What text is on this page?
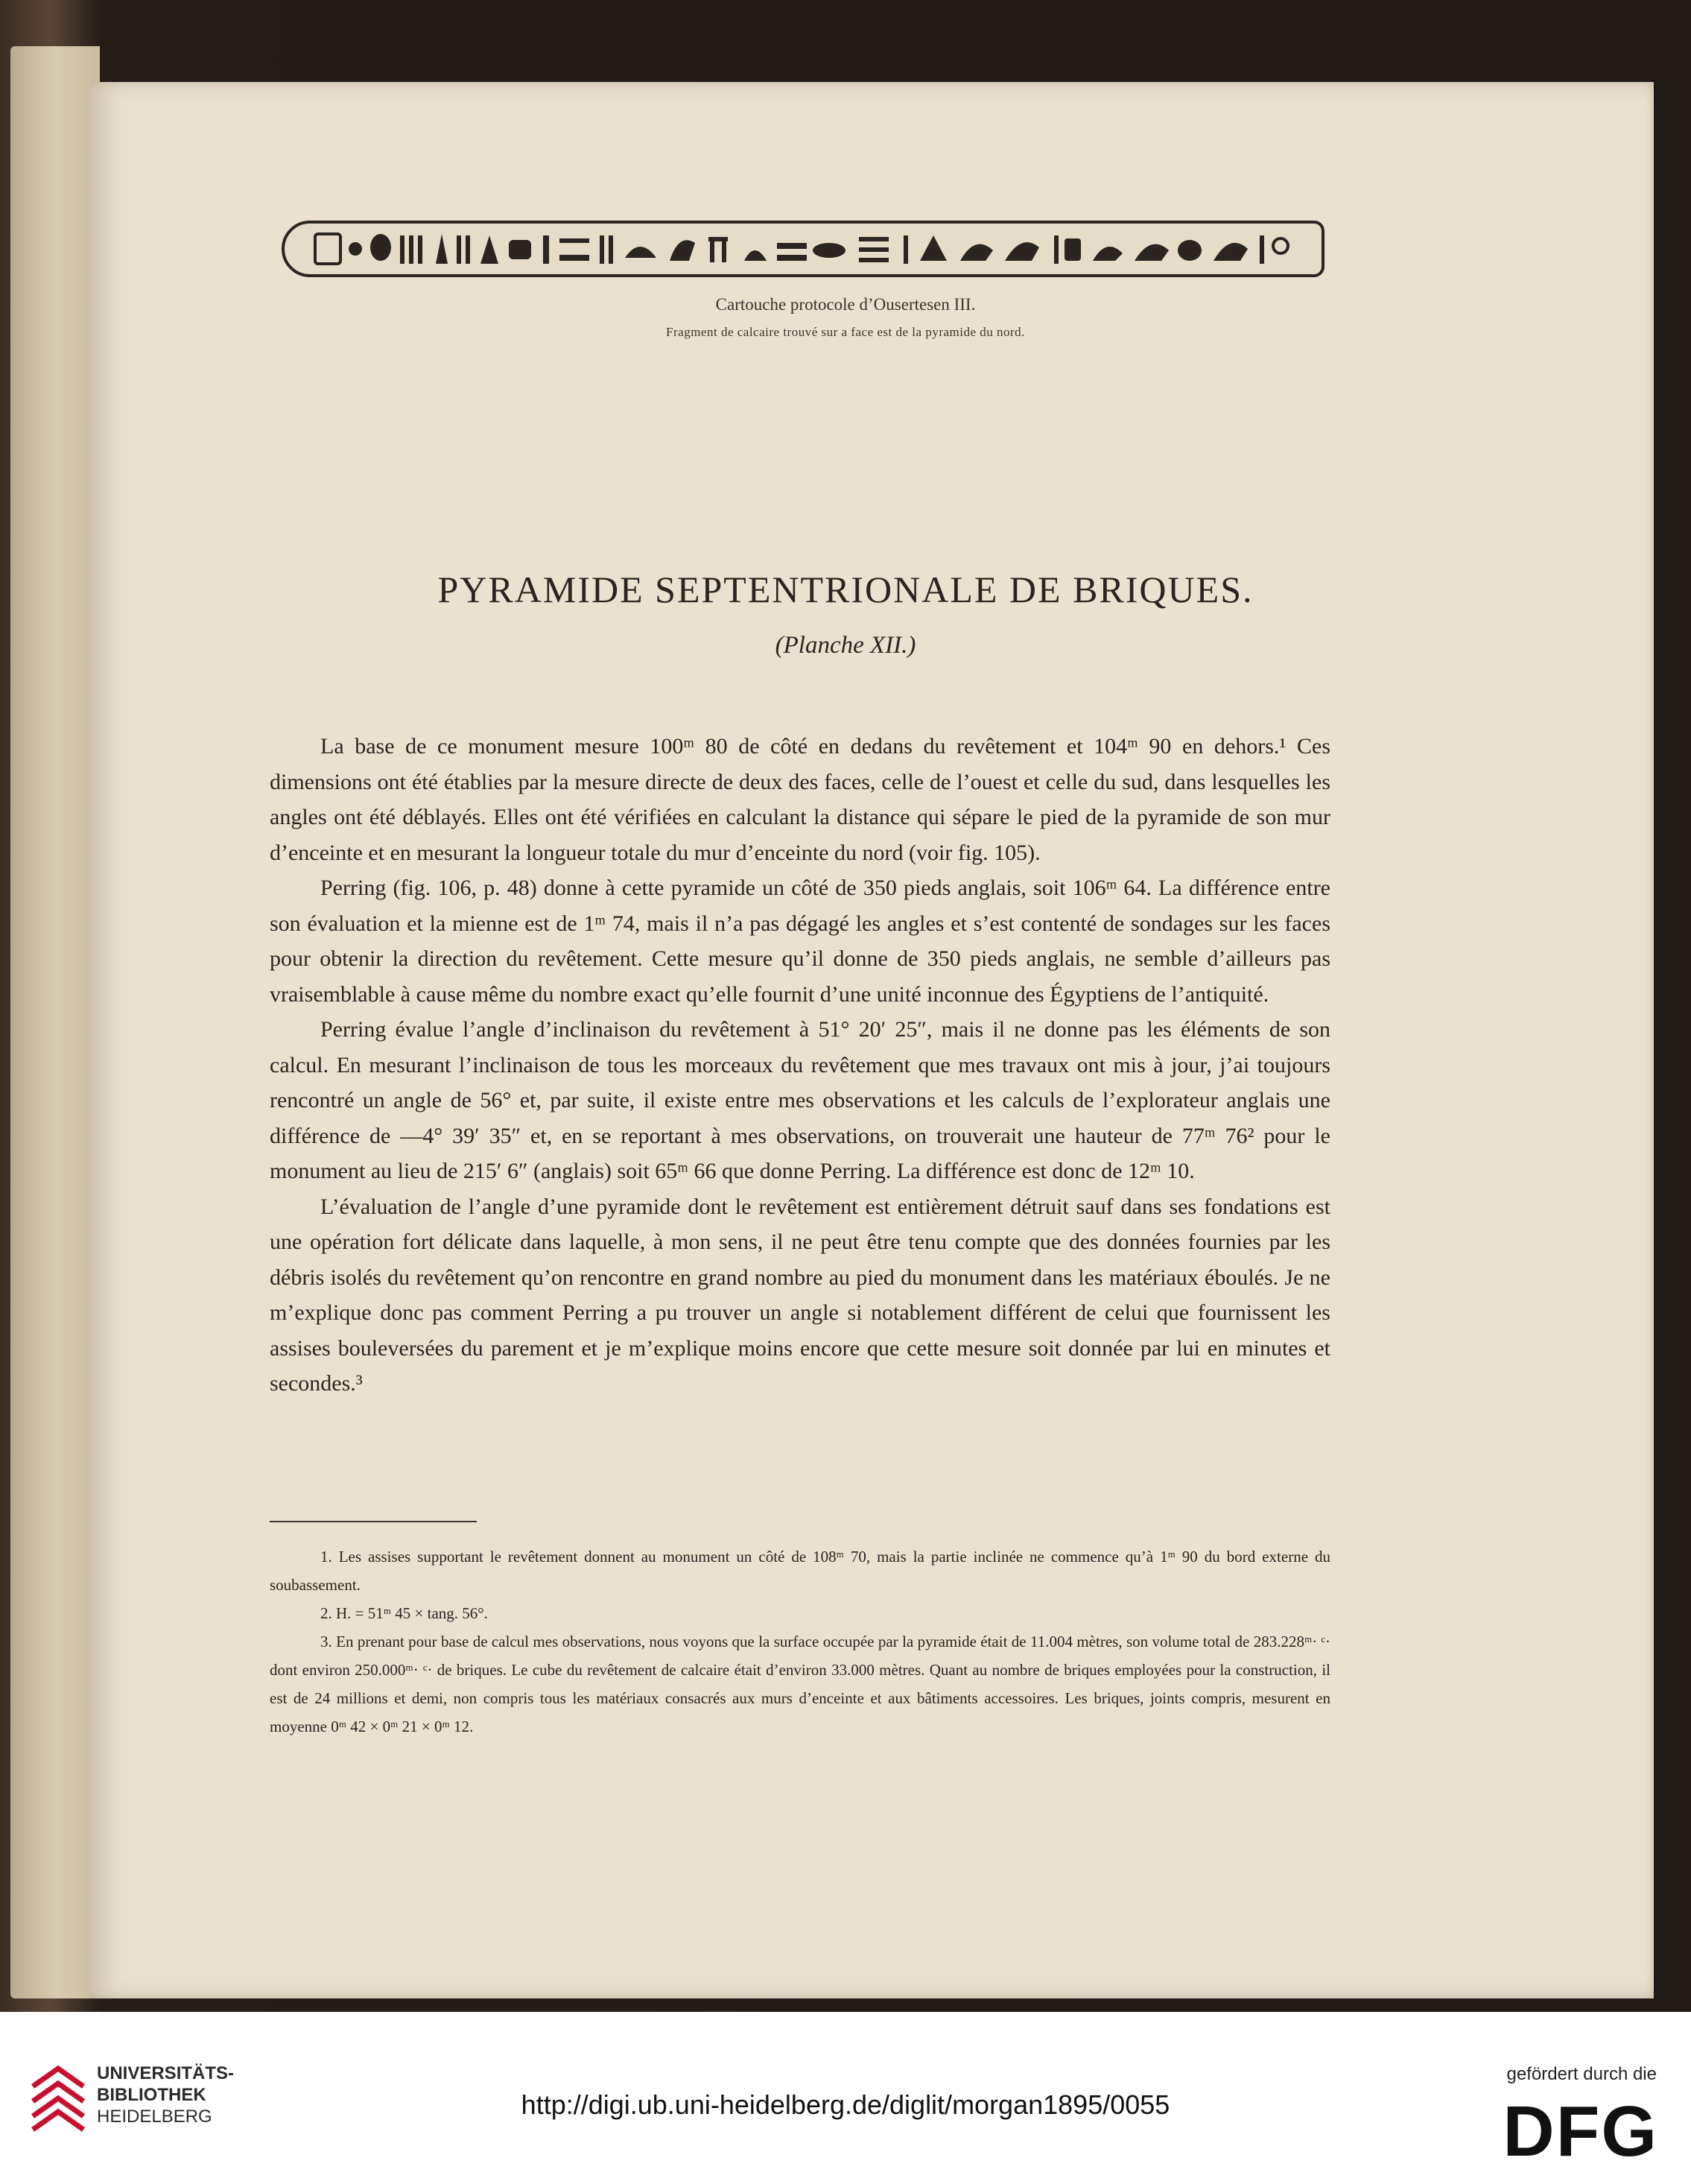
Cartouche protocole d’Ousertesen III.
Fragment de calcaire trouvé sur a face est de la pyramide du nord.
PYRAMIDE SEPTENTRIONALE DE BRIQUES.
(Planche XII.)

La base de ce monument mesure 100ᵐ 80 de côté en dedans du revêtement et 104ᵐ 90 en dehors.¹ Ces dimensions ont été établies par la mesure directe de deux des faces, celle de l’ouest et celle du sud, dans lesquelles les angles ont été déblayés. Elles ont été vérifiées en calculant la distance qui sépare le pied de la pyramide de son mur d’enceinte et en mesurant la longueur totale du mur d’enceinte du nord (voir fig. 105).

Perring (fig. 106, p. 48) donne à cette pyramide un côté de 350 pieds anglais, soit 106ᵐ 64. La différence entre son évaluation et la mienne est de 1ᵐ 74, mais il n’a pas dégagé les angles et s’est contenté de sondages sur les faces pour obtenir la direction du revêtement. Cette mesure qu’il donne de 350 pieds anglais, ne semble d’ailleurs pas vraisemblable à cause même du nombre exact qu’elle fournit d’une unité inconnue des Égyptiens de l’antiquité.

Perring évalue l’angle d’inclinaison du revêtement à 51° 20′ 25″, mais il ne donne pas les éléments de son calcul. En mesurant l’inclinaison de tous les morceaux du revêtement que mes travaux ont mis à jour, j’ai toujours rencontré un angle de 56° et, par suite, il existe entre mes observations et les calculs de l’explorateur anglais une différence de —4° 39′ 35″ et, en se reportant à mes observations, on trouverait une hauteur de 77ᵐ 76² pour le monument au lieu de 215′ 6″ (anglais) soit 65ᵐ 66 que donne Perring. La différence est donc de 12ᵐ 10.

L’évaluation de l’angle d’une pyramide dont le revêtement est entièrement détruit sauf dans ses fondations est une opération fort délicate dans laquelle, à mon sens, il ne peut être tenu compte que des données fournies par les débris isolés du revêtement qu’on rencontre en grand nombre au pied du monument dans les matériaux éboulés. Je ne m’explique donc pas comment Perring a pu trouver un angle si notablement différent de celui que fournissent les assises bouleversées du parement et je m’explique moins encore que cette mesure soit donnée par lui en minutes et secondes.³

1. Les assises supportant le revêtement donnent au monument un côté de 108ᵐ 70, mais la partie inclinée ne commence qu’à 1ᵐ 90 du bord externe du soubassement.

2. H. = 51ᵐ 45 × tang. 56°.

3. En prenant pour base de calcul mes observations, nous voyons que la surface occupée par la pyramide était de 11.004 mètres, son volume total de 283.228ᵐ· ᶜ· dont environ 250.000ᵐ· ᶜ· de briques. Le cube du revêtement de calcaire était d’environ 33.000 mètres. Quant au nombre de briques employées pour la construction, il est de 24 millions et demi, non compris tous les matériaux consacrés aux murs d’enceinte et aux bâtiments accessoires. Les briques, joints compris, mesurent en moyenne 0ᵐ 42 × 0ᵐ 21 × 0ᵐ 12.

UNIVERSITÄTS-
BIBLIOTHEK
HEIDELBERG	http://digi.ub.uni-heidelberg.de/diglit/morgan1895/0055
gefördert durch die
DFG
